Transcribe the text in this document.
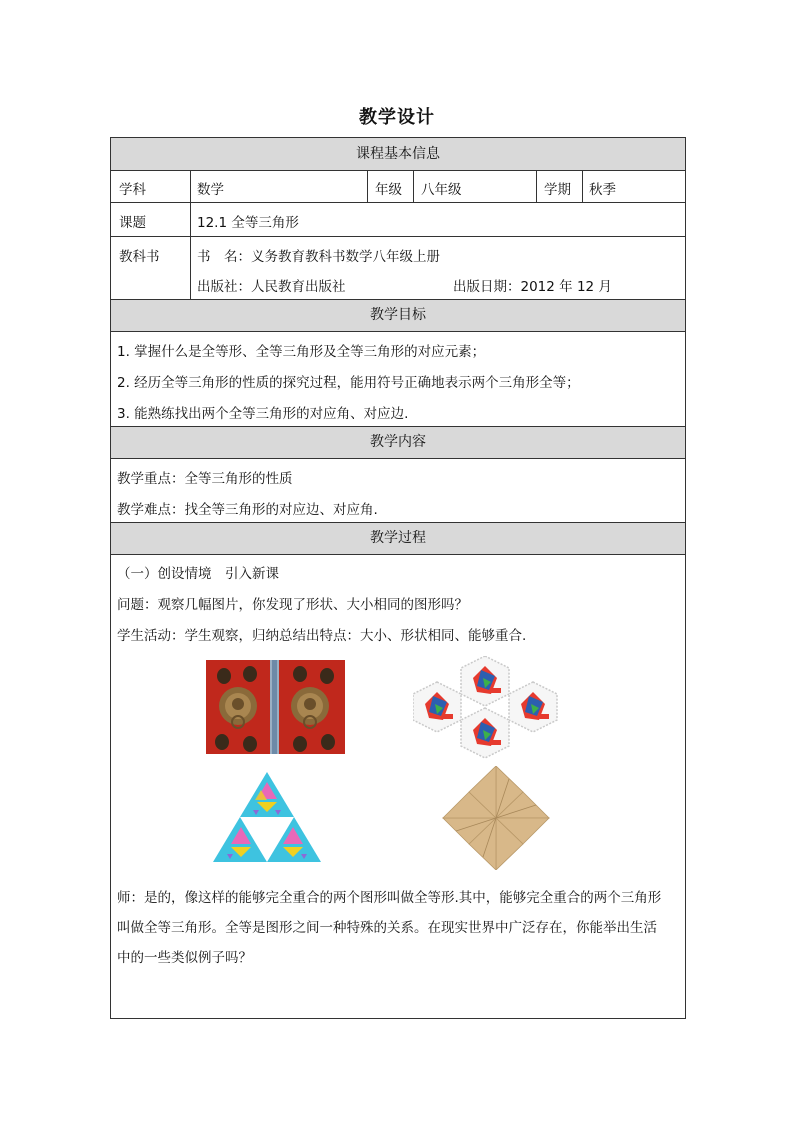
教学设计
课程基本信息
学科	数学	年级 八年级	学期 秋季
课题	12.1 全等三角形
教科书	书　名：义务教育教科书数学八年级上册
出版社：人民教育出版社	出版日期：2012 年 12 月
教学目标
1. 掌握什么是全等形、全等三角形及全等三角形的对应元素；
2. 经历全等三角形的性质的探究过程，能用符号正确地表示两个三角形全等；
3. 能熟练找出两个全等三角形的对应角、对应边.
教学内容
教学重点：全等三角形的性质
教学难点：找全等三角形的对应边、对应角.
教学过程
（一）创设情境　引入新课
问题：观察几幅图片，你发现了形状、大小相同的图形吗？
学生活动：学生观察，归纳总结出特点：大小、形状相同、能够重合.
师：是的，像这样的能够完全重合的两个图形叫做全等形.其中，能够完全重合的两个三角形
叫做全等三角形。全等是图形之间一种特殊的关系。在现实世界中广泛存在，你能举出生活
中的一些类似例子吗？
